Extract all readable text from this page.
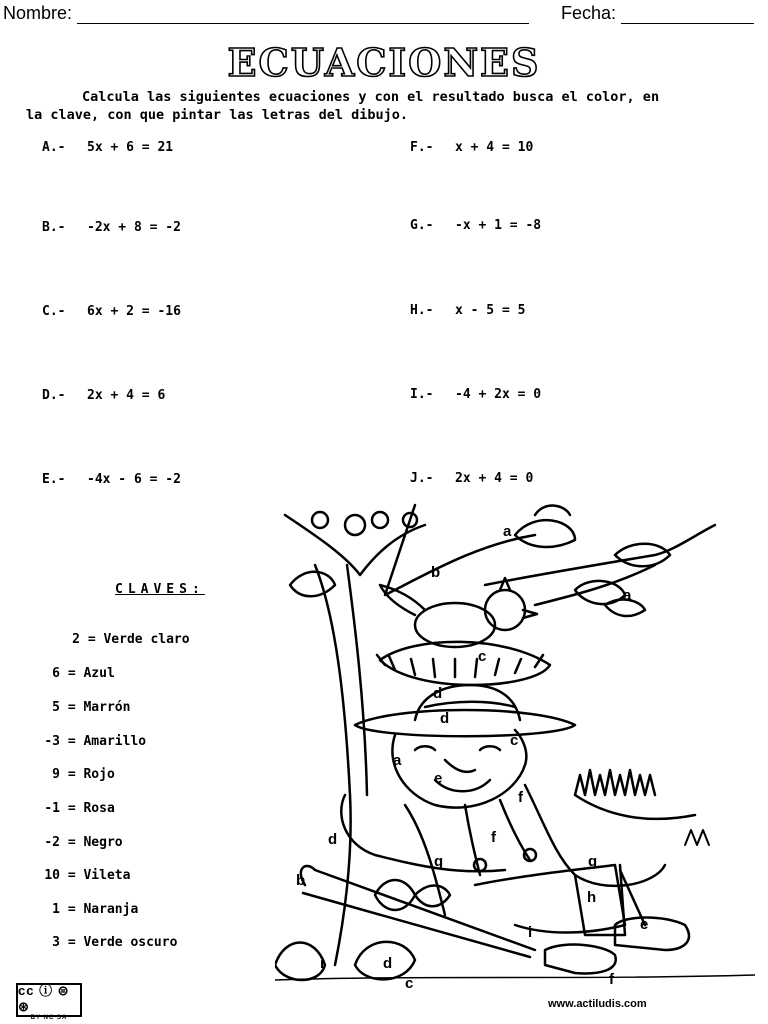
Nombre:	Fecha:
ECUACIONES
Calcula las siguientes ecuaciones y con el resultado busca el color, en
la clave, con que pintar las letras del dibujo.
A.- 5x + 6 = 21
B.- -2x + 8 = -2
C.- 6x + 2 = -16
D.- 2x + 4 = 6
E.- -4x - 6 = -2
F.- x + 4 = 10
G.- -x + 1 = -8
H.- x - 5 = 5
I.- -4 + 2x = 0
J.- 2x + 4 = 0
CLAVES:
2 = Verde claro
6 = Azul
5 = Marrón
-3 = Amarillo
9 = Rojo
-1 = Rosa
-2 = Negro
10 = Vileta
1 = Naranja
3 = Verde oscuro
a
b
c
d
d
c
a
e
f
f
d
g	g
h
b
i	e
i	d
c	f
a
cc ⓘ ⊜ ⊛
BY NC SA
www.actiludis.com
